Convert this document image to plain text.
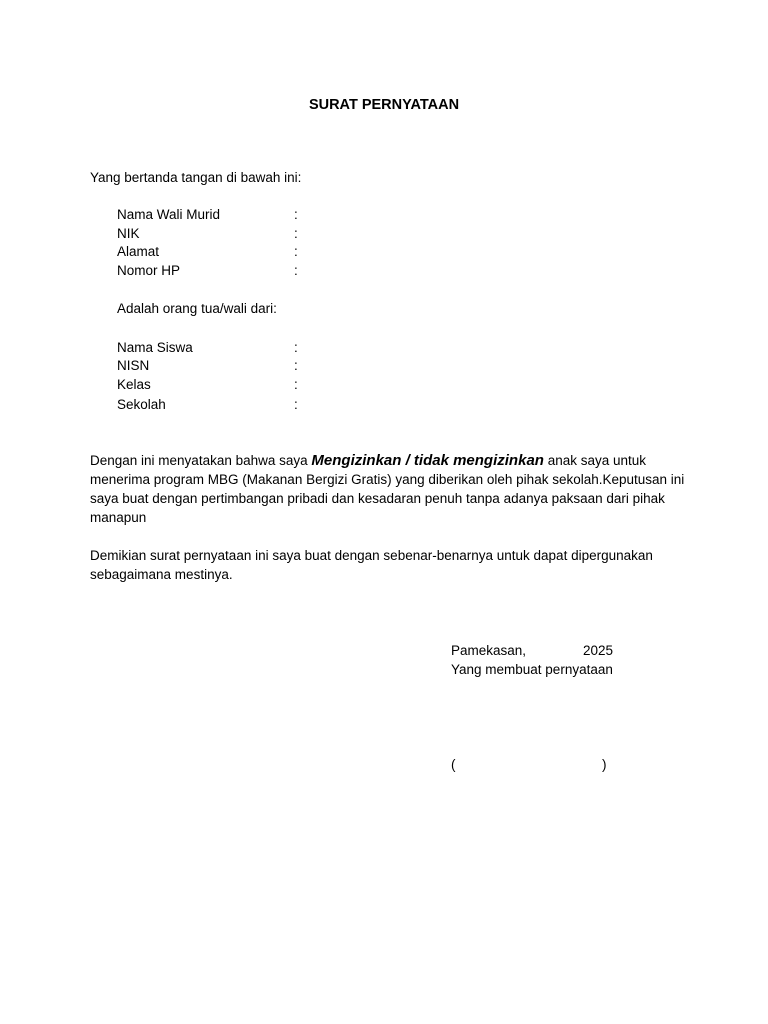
SURAT PERNYATAAN
Yang bertanda tangan di bawah ini:
Nama Wali Murid	:
NIK	:
Alamat	:
Nomor HP	:
Adalah orang tua/wali dari:
Nama Siswa	:
NISN	:
Kelas	:
Sekolah	:
Dengan ini menyatakan bahwa saya Mengizinkan / tidak mengizinkan anak saya untuk menerima program MBG (Makanan Bergizi Gratis) yang diberikan oleh pihak sekolah.Keputusan ini saya buat dengan pertimbangan pribadi dan kesadaran penuh tanpa adanya paksaan dari pihak manapun
Demikian surat pernyataan ini saya buat dengan sebenar-benarnya untuk dapat dipergunakan sebagaimana mestinya.
Pamekasan,	2025
Yang membuat pernyataan
(	)
